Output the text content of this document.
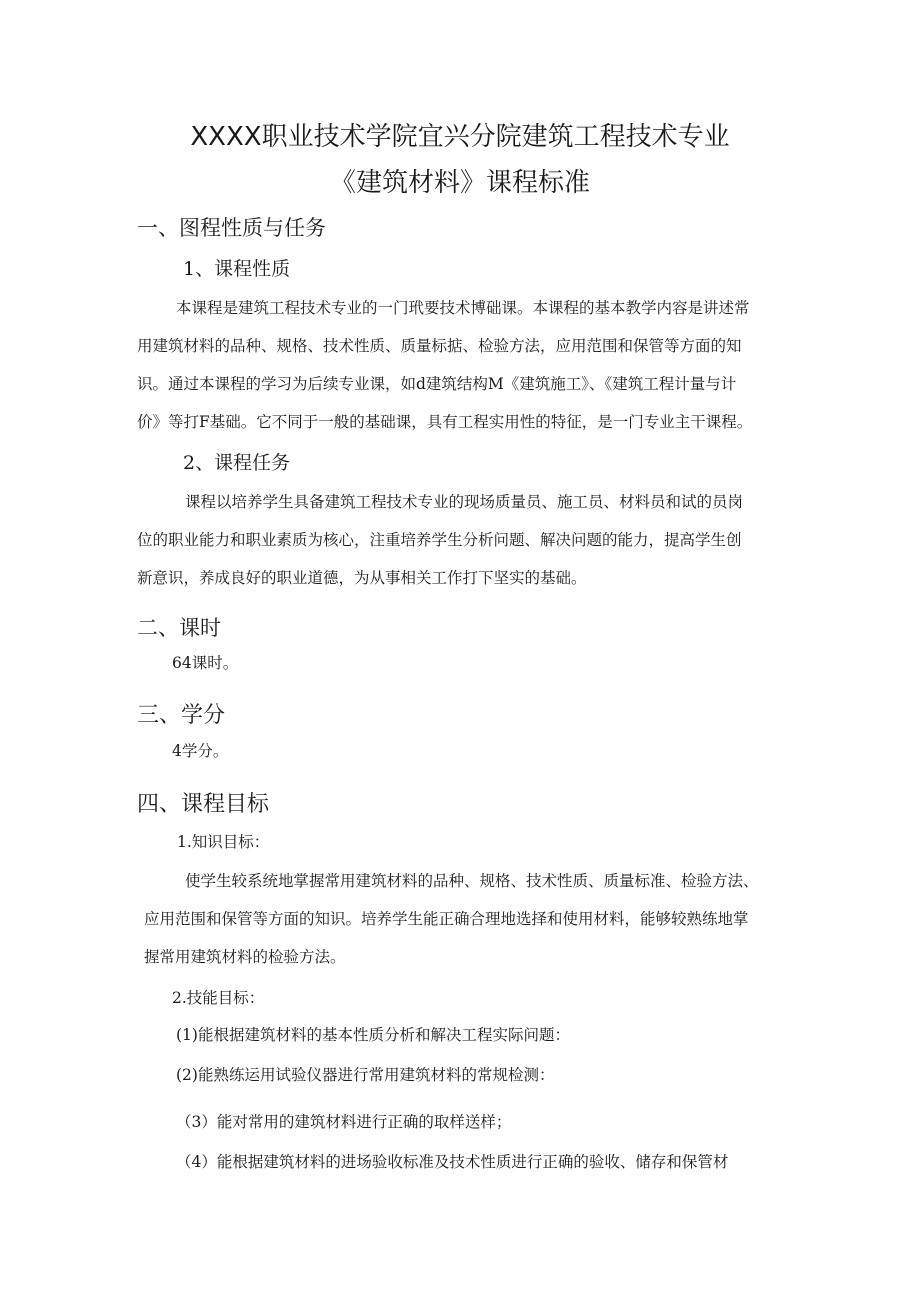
XXXX职业技术学院宜兴分院建筑工程技术专业
《建筑材料》课程标准
一、图程性质与任务
1、课程性质
本课程是建筑工程技术专业的一门玳要技术博础课。本课程的基本教学内容是讲述常
用建筑材料的品种、规格、技术性质、质量标掂、检验方法，应用范围和保管等方面的知
识。通过本课程的学习为后续专业课，如d建筑结构M《建筑施工》、《建筑工程计量与计
价》等打F基础。它不同于一般的基础课，具有工程实用性的特征，是一门专业主干课程。
2、课程任务
课程以培养学生具备建筑工程技术专业的现场质量员、施工员、材料员和试的员岗
位的职业能力和职业素质为核心，注重培养学生分析问题、解决问题的能力，提高学生创
新意识，养成良好的职业道德，为从事相关工作打下坚实的基础。
二、课时
64课时。
三、学分
4学分。
四、课程目标
1.知识目标：
使学生较系统地掌握常用建筑材料的品种、规格、技术性质、质量标准、检验方法、
应用范围和保管等方面的知识。培养学生能正确合理地选择和使用材料，能够较熟练地掌
握常用建筑材料的检验方法。
2.技能目标：
(1)能根据建筑材料的基本性质分析和解决工程实际问题：
(2)能熟练运用试验仪器进行常用建筑材料的常规检测：
（3）能对常用的建筑材料进行正确的取样送样；
（4）能根据建筑材料的进场验收标准及技术性质进行正确的验收、储存和保管材
